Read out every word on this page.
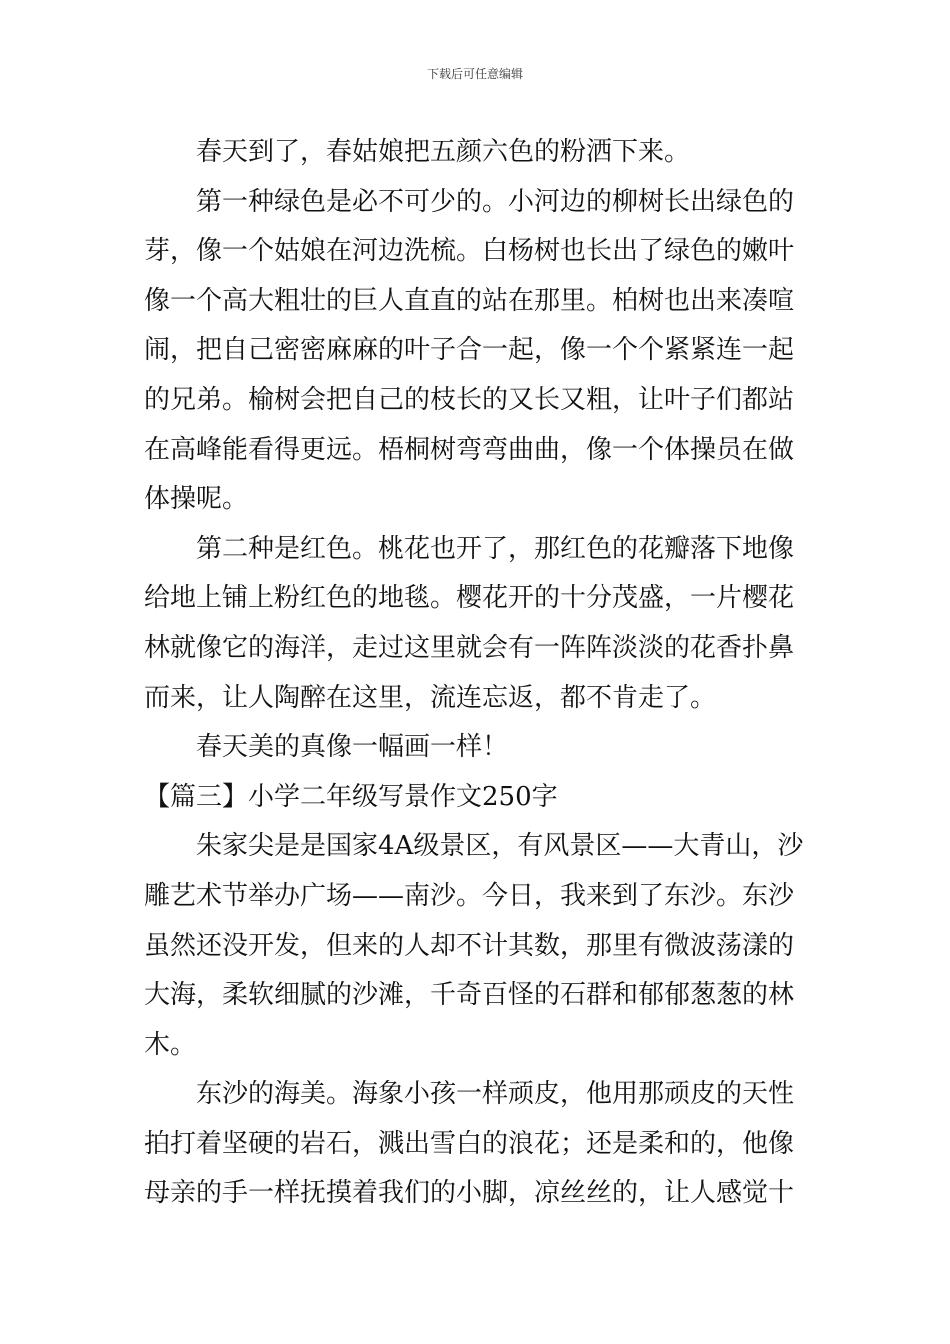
下载后可任意编辑
春天到了，春姑娘把五颜六色的粉洒下来。
第一种绿色是必不可少的。小河边的柳树长出绿色的
芽，像一个姑娘在河边洗梳。白杨树也长出了绿色的嫩叶
像一个高大粗壮的巨人直直的站在那里。柏树也出来凑喧
闹，把自己密密麻麻的叶子合一起，像一个个紧紧连一起
的兄弟。榆树会把自己的枝长的又长又粗，让叶子们都站
在高峰能看得更远。梧桐树弯弯曲曲，像一个体操员在做
体操呢。
第二种是红色。桃花也开了，那红色的花瓣落下地像
给地上铺上粉红色的地毯。樱花开的十分茂盛，一片樱花
林就像它的海洋，走过这里就会有一阵阵淡淡的花香扑鼻
而来，让人陶醉在这里，流连忘返，都不肯走了。
春天美的真像一幅画一样！
【篇三】小学二年级写景作文250字
朱家尖是是国家4A级景区，有风景区——大青山，沙
雕艺术节举办广场——南沙。今日，我来到了东沙。东沙
虽然还没开发，但来的人却不计其数，那里有微波荡漾的
大海，柔软细腻的沙滩，千奇百怪的石群和郁郁葱葱的林
木。
东沙的海美。海象小孩一样顽皮，他用那顽皮的天性
拍打着坚硬的岩石，溅出雪白的浪花；还是柔和的，他像
母亲的手一样抚摸着我们的小脚，凉丝丝的，让人感觉十
